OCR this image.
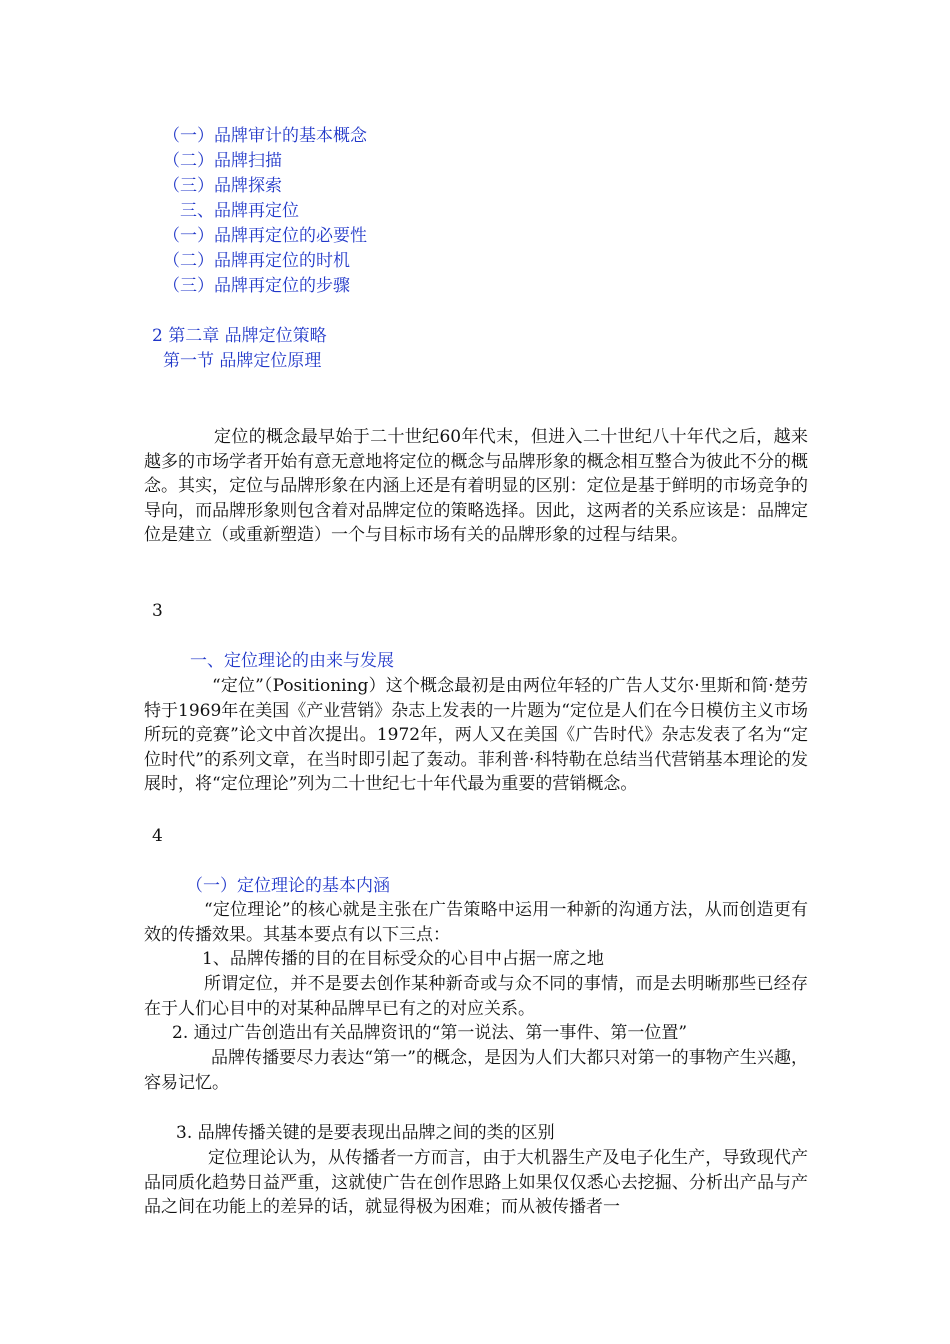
（一）品牌审计的基本概念
（二）品牌扫描
（三）品牌探索
三、品牌再定位
（一）品牌再定位的必要性
（二）品牌再定位的时机
（三）品牌再定位的步骤
2 第二章 品牌定位策略
第一节 品牌定位原理

定位的概念最早始于二十世纪60年代末，但进入二十世纪八十年代之后，越来越多的市场学者开始有意无意地将定位的概念与品牌形象的概念相互整合为彼此不分的概念。其实，定位与品牌形象在内涵上还是有着明显的区别：定位是基于鲜明的市场竞争的导向，而品牌形象则包含着对品牌定位的策略选择。因此，这两者的关系应该是：品牌定位是建立（或重新塑造）一个与目标市场有关的品牌形象的过程与结果。

3
一、定位理论的由来与发展

“定位”（Positioning）这个概念最初是由两位年轻的广告人艾尔·里斯和简·楚劳特于1969年在美国《产业营销》杂志上发表的一片题为“定位是人们在今日模仿主义市场所玩的竞赛”论文中首次提出。1972年，两人又在美国《广告时代》杂志发表了名为“定位时代”的系列文章，在当时即引起了轰动。菲利普·科特勒在总结当代营销基本理论的发展时，将“定位理论”列为二十世纪七十年代最为重要的营销概念。

4
（一）定位理论的基本内涵

“定位理论”的核心就是主张在广告策略中运用一种新的沟通方法，从而创造更有效的传播效果。其基本要点有以下三点：

1、品牌传播的目的在目标受众的心目中占据一席之地

所谓定位，并不是要去创作某种新奇或与众不同的事情，而是去明晰那些已经存在于人们心目中的对某种品牌早已有之的对应关系。

2. 通过广告创造出有关品牌资讯的“第一说法、第一事件、第一位置”

品牌传播要尽力表达“第一”的概念，是因为人们大都只对第一的事物产生兴趣，容易记忆。

3. 品牌传播关键的是要表现出品牌之间的类的区别

定位理论认为，从传播者一方而言，由于大机器生产及电子化生产，导致现代产品同质化趋势日益严重，这就使广告在创作思路上如果仅仅悉心去挖掘、分析出产品与产品之间在功能上的差异的话，就显得极为困难；而从被传播者一
